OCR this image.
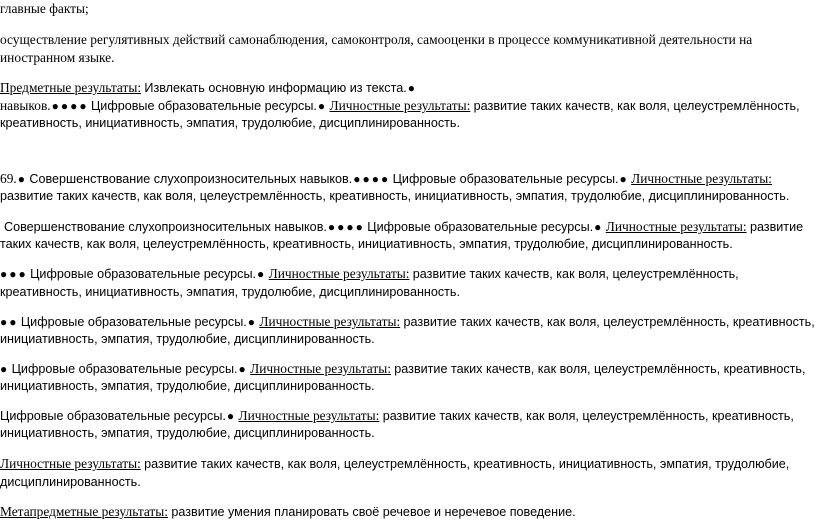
главные факты;
осуществление регулятивных действий самонаблюдения, самоконтроля, самооценки в процессе коммуникативной деятельности на
иностранном языке.
Предметные результаты: Извлекать основную информацию из текста.●
навыков.● ● ● ● Цифровые образовательные ресурсы.● Личностные результаты: развитие таких качеств, как воля, целеустремлённость,
креативность, инициативность, эмпатия, трудолюбие, дисциплинированность.
69.● Совершенствование слухопроизносительных навыков.● ● ● ● Цифровые образовательные ресурсы.● Личностные результаты:
развитие таких качеств, как воля, целеустремлённость, креативность, инициативность, эмпатия, трудолюбие, дисциплинированность.
Совершенствование слухопроизносительных навыков.● ● ● ● Цифровые образовательные ресурсы.● Личностные результаты: развитие
таких качеств, как воля, целеустремлённость, креативность, инициативность, эмпатия, трудолюбие, дисциплинированность.
● ● ● Цифровые образовательные ресурсы.● Личностные результаты: развитие таких качеств, как воля, целеустремлённость,
креативность, инициативность, эмпатия, трудолюбие, дисциплинированность.
● ● Цифровые образовательные ресурсы.● Личностные результаты: развитие таких качеств, как воля, целеустремлённость, креативность,
инициативность, эмпатия, трудолюбие, дисциплинированность.
● Цифровые образовательные ресурсы.● Личностные результаты: развитие таких качеств, как воля, целеустремлённость, креативность,
инициативность, эмпатия, трудолюбие, дисциплинированность.
Цифровые образовательные ресурсы.● Личностные результаты: развитие таких качеств, как воля, целеустремлённость, креативность,
инициативность, эмпатия, трудолюбие, дисциплинированность.
Личностные результаты: развитие таких качеств, как воля, целеустремлённость, креативность, инициативность, эмпатия, трудолюбие,
дисциплинированность.
Метапредметные результаты: развитие умения планировать своё речевое и неречевое поведение.
